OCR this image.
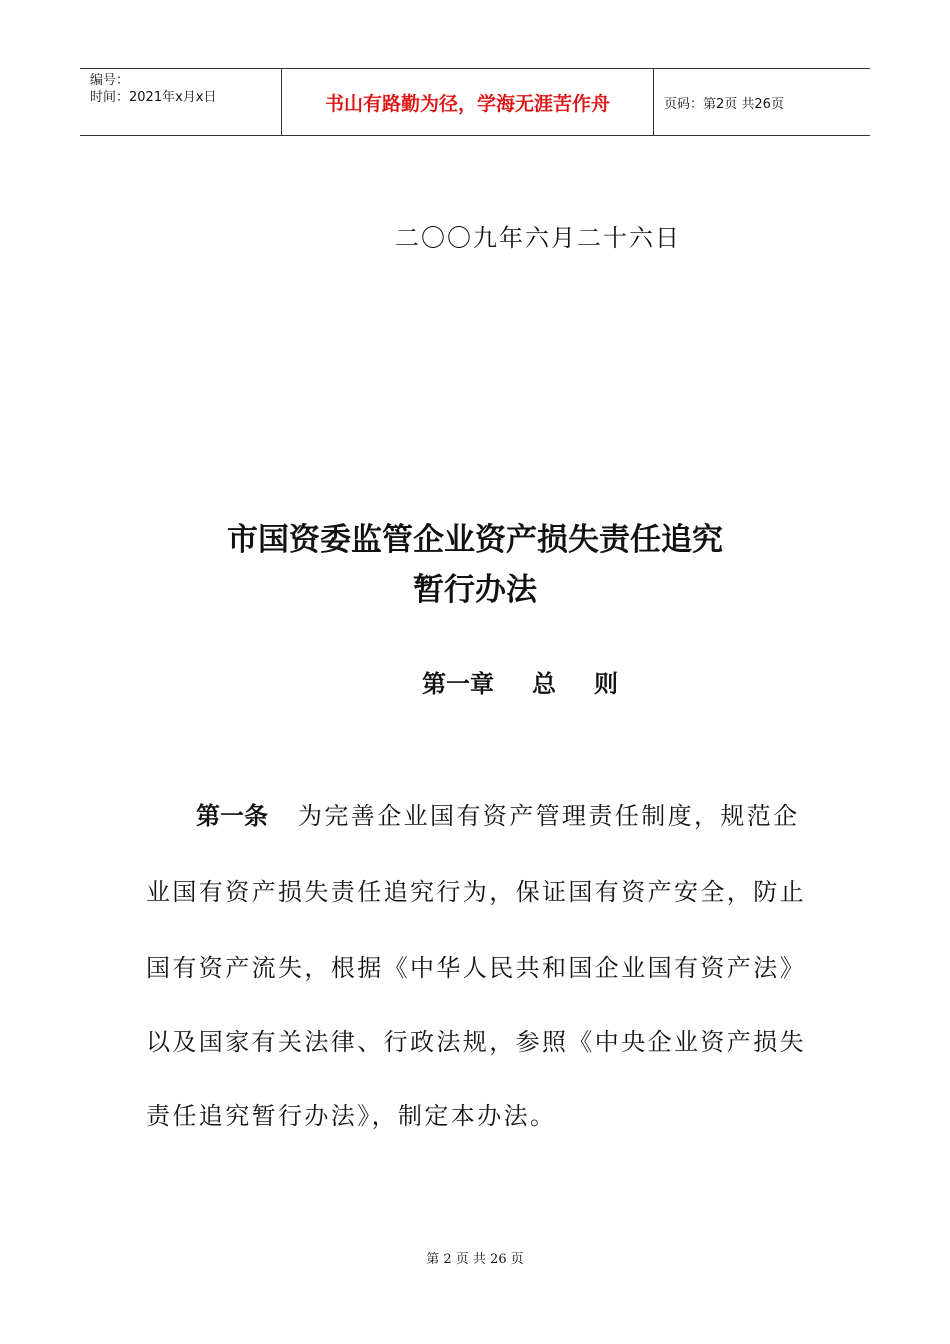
编号：
时间：2021年x月x日	书山有路勤为径，学海无涯苦作舟	页码：第2页 共26页
二〇〇九年六月二十六日
市国资委监管企业资产损失责任追究
暂行办法
第一章 总 则
第一条 为完善企业国有资产管理责任制度，规范企
业国有资产损失责任追究行为，保证国有资产安全，防止
国有资产流失，根据《中华人民共和国企业国有资产法》
以及国家有关法律、行政法规，参照《中央企业资产损失
责任追究暂行办法》，制定本办法。
第 2 页 共 26 页
